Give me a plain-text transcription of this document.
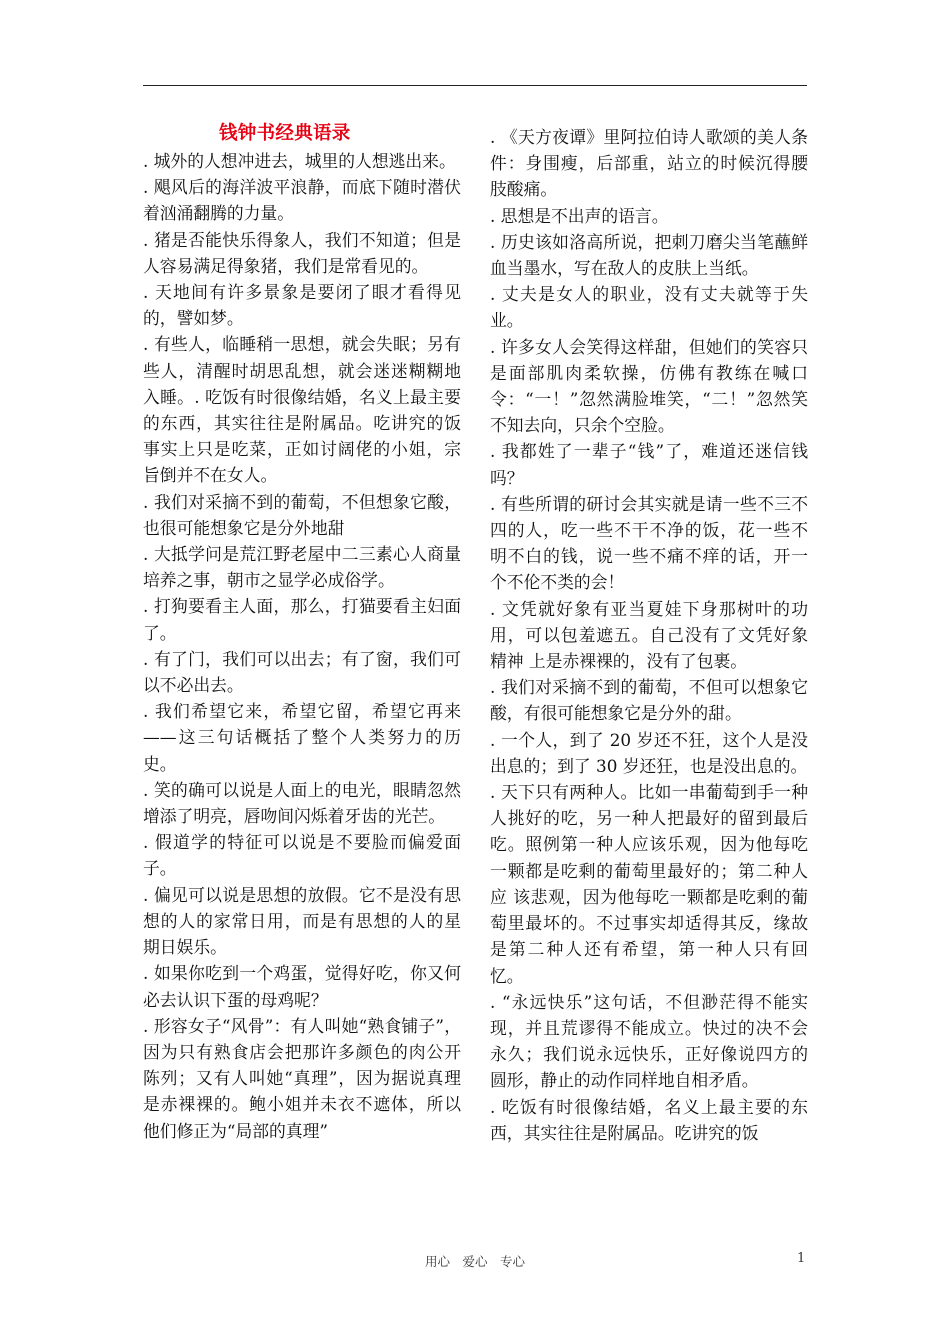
钱钟书经典语录

. 城外的人想冲进去，城里的人想逃出来。

. 飓风后的海洋波平浪静，而底下随时潜伏着汹涌翻腾的力量。

. 猪是否能快乐得象人，我们不知道；但是人容易满足得象猪，我们是常看见的。

. 天地间有许多景象是要闭了眼才看得见的，譬如梦。

. 有些人，临睡稍一思想，就会失眠；另有些人，清醒时胡思乱想，就会迷迷糊糊地入睡。. 吃饭有时很像结婚，名义上最主要的东西，其实往往是附属品。吃讲究的饭事实上只是吃菜，正如讨阔佬的小姐，宗旨倒并不在女人。

. 我们对采摘不到的葡萄，不但想象它酸，也很可能想象它是分外地甜

. 大抵学问是荒江野老屋中二三素心人商量培养之事，朝市之显学必成俗学。

. 打狗要看主人面，那么，打猫要看主妇面了。

. 有了门，我们可以出去；有了窗，我们可以不必出去。

. 我们希望它来，希望它留，希望它再来——这三句话概括了整个人类努力的历史。

. 笑的确可以说是人面上的电光，眼睛忽然增添了明亮，唇吻间闪烁着牙齿的光芒。

. 假道学的特征可以说是不要脸而偏爱面子。

. 偏见可以说是思想的放假。它不是没有思想的人的家常日用，而是有思想的人的星期日娱乐。

. 如果你吃到一个鸡蛋，觉得好吃，你又何必去认识下蛋的母鸡呢？

. 形容女子“风骨”：有人叫她“熟食铺子”，因为只有熟食店会把那许多颜色的肉公开陈列；又有人叫她“真理”，因为据说真理是赤裸裸的。鲍小姐并未衣不遮体，所以他们修正为“局部的真理”

. 《天方夜谭》里阿拉伯诗人歌颂的美人条件：身围瘦，后部重，站立的时候沉得腰肢酸痛。

. 思想是不出声的语言。

. 历史该如洛高所说，把刺刀磨尖当笔蘸鲜血当墨水，写在敌人的皮肤上当纸。

. 丈夫是女人的职业，没有丈夫就等于失业。

. 许多女人会笑得这样甜，但她们的笑容只是面部肌肉柔软操，仿佛有教练在喊口令：“一！”忽然满脸堆笑，“二！”忽然笑不知去向，只余个空脸。

. 我都姓了一辈子“钱”了，难道还迷信钱吗？

. 有些所谓的研讨会其实就是请一些不三不四的人，吃一些不干不净的饭，花一些不明不白的钱，说一些不痛不痒的话，开一个不伦不类的会！

. 文凭就好象有亚当夏娃下身那树叶的功用，可以包羞遮五。自己没有了文凭好象精神 上是赤裸裸的，没有了包裹。

. 我们对采摘不到的葡萄，不但可以想象它酸，有很可能想象它是分外的甜。

. 一个人，到了 20 岁还不狂，这个人是没出息的；到了 30 岁还狂，也是没出息的。

. 天下只有两种人。比如一串葡萄到手一种人挑好的吃，另一种人把最好的留到最后吃。照例第一种人应该乐观，因为他每吃一颗都是吃剩的葡萄里最好的；第二种人应 该悲观，因为他每吃一颗都是吃剩的葡萄里最坏的。不过事实却适得其反，缘故是第二种人还有希望，第一种人只有回忆。

. “永远快乐”这句话，不但渺茫得不能实现，并且荒谬得不能成立。快过的决不会永久；我们说永远快乐，正好像说四方的圆形，静止的动作同样地自相矛盾。

. 吃饭有时很像结婚，名义上最主要的东西，其实往往是附属品。吃讲究的饭

用心　爱心　专心	1
